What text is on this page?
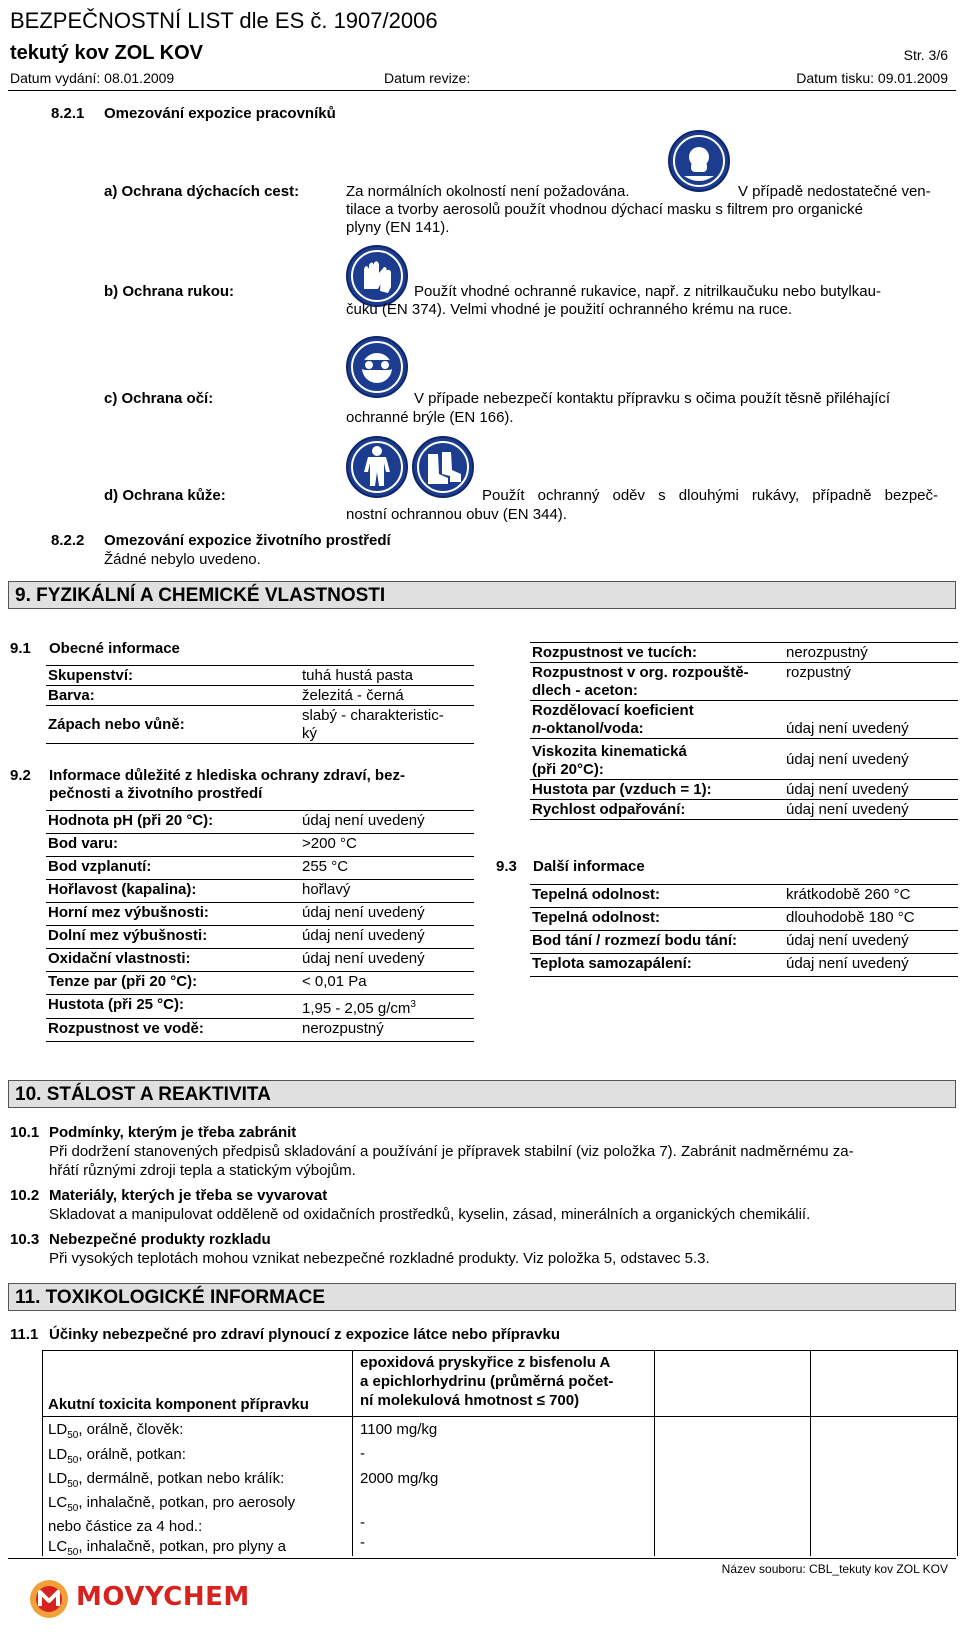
BEZPEČNOSTNÍ LIST dle ES č. 1907/2006
tekutý kov ZOL KOV	Str. 3/6
Datum vydání: 08.01.2009	Datum revize:	Datum tisku: 09.01.2009
8.2.1 Omezování expozice pracovníků
a) Ochrana dýchacích cest:	Za normálních okolností není požadována.	V případě nedostatečné ven-
tilace a tvorby aerosolů použít vhodnou dýchací masku s filtrem pro organické
plyny (EN 141).
b) Ochrana rukou:	Použít vhodné ochranné rukavice, např. z nitrilkaučuku nebo butylkau-
čuku (EN 374). Velmi vhodné je použití ochranného krému na ruce.
c) Ochrana očí:	V případe nebezpečí kontaktu přípravku s očima použít těsně přiléhající
ochranné brýle (EN 166).
d) Ochrana kůže:	Použít ochranný oděv s dlouhými rukávy, případně bezpeč-
nostní ochrannou obuv (EN 344).
8.2.2 Omezování expozice životního prostředí
Žádné nebylo uvedeno.
9. FYZIKÁLNÍ A CHEMICKÉ VLASTNOSTI
9.1 Obecné informace
Skupenství:	tuhá hustá pasta
Barva:	železitá - černá
Zápach nebo vůně:	slabý - charakteristic-
ký
9.2 Informace důležité z hlediska ochrany zdraví, bez-
pečnosti a životního prostředí
Hodnota pH (při 20 °C):	údaj není uvedený
Bod varu:	>200 °C
Bod vzplanutí:	255 °C
Hořlavost (kapalina):	hořlavý
Horní mez výbušnosti:	údaj není uvedený
Dolní mez výbušnosti:	údaj není uvedený
Oxidační vlastnosti:	údaj není uvedený
Tenze par (při 20 °C):	< 0,01 Pa
Hustota (při 25 °C):	1,95 - 2,05 $g/cm^3$
Rozpustnost ve vodě:	nerozpustný
Rozpustnost ve tucích:	nerozpustný
Rozpustnost v org. rozpouště-
dlech - aceton:	rozpustný
Rozdělovací koeficient
n-oktanol/voda:	údaj není uvedený
Viskozita kinematická
(při 20°C):	údaj není uvedený
Hustota par (vzduch = 1):	údaj není uvedený
Rychlost odpařování:	údaj není uvedený
9.3 Další informace
Tepelná odolnost:	krátkodobě 260 °C
Tepelná odolnost:	dlouhodobě 180 °C
Bod tání / rozmezí bodu tání:	údaj není uvedený
Teplota samozapálení:	údaj není uvedený
10. STÁLOST A REAKTIVITA
10.1 Podmínky, kterým je třeba zabránit
Při dodržení stanovených předpisů skladování a používání je přípravek stabilní (viz položka 7). Zabránit nadměrnému za-
hřátí různými zdroji tepla a statickým výbojům.
10.2 Materiály, kterých je třeba se vyvarovat
Skladovat a manipulovat odděleně od oxidačních prostředků, kyselin, zásad, minerálních a organických chemikálií.
10.3 Nebezpečné produkty rozkladu
Při vysokých teplotách mohou vznikat nebezpečné rozkladné produkty. Viz položka 5, odstavec 5.3.
11. TOXIKOLOGICKÉ INFORMACE
11.1 Účinky nebezpečné pro zdraví plynoucí z expozice látce nebo přípravku
Akutní toxicita komponent přípravku
epoxidová pryskyřice z bisfenolu A
a epichlorhydrinu (průměrná počet-
ní molekulová hmotnost ≤ 700)
$LD_{50}$, orálně, člověk:	1100 mg/kg
$LD_{50}$, orálně, potkan:	-
$LD_{50}$, dermálně, potkan nebo králík:	2000 mg/kg
$LC_{50}$, inhalačně, potkan, pro aerosoly
nebo částice za 4 hod.:	-
$LC_{50}$, inhalačně, potkan, pro plyny a	-
Název souboru: CBL_tekuty kov ZOL KOV
MOVYCHEM
